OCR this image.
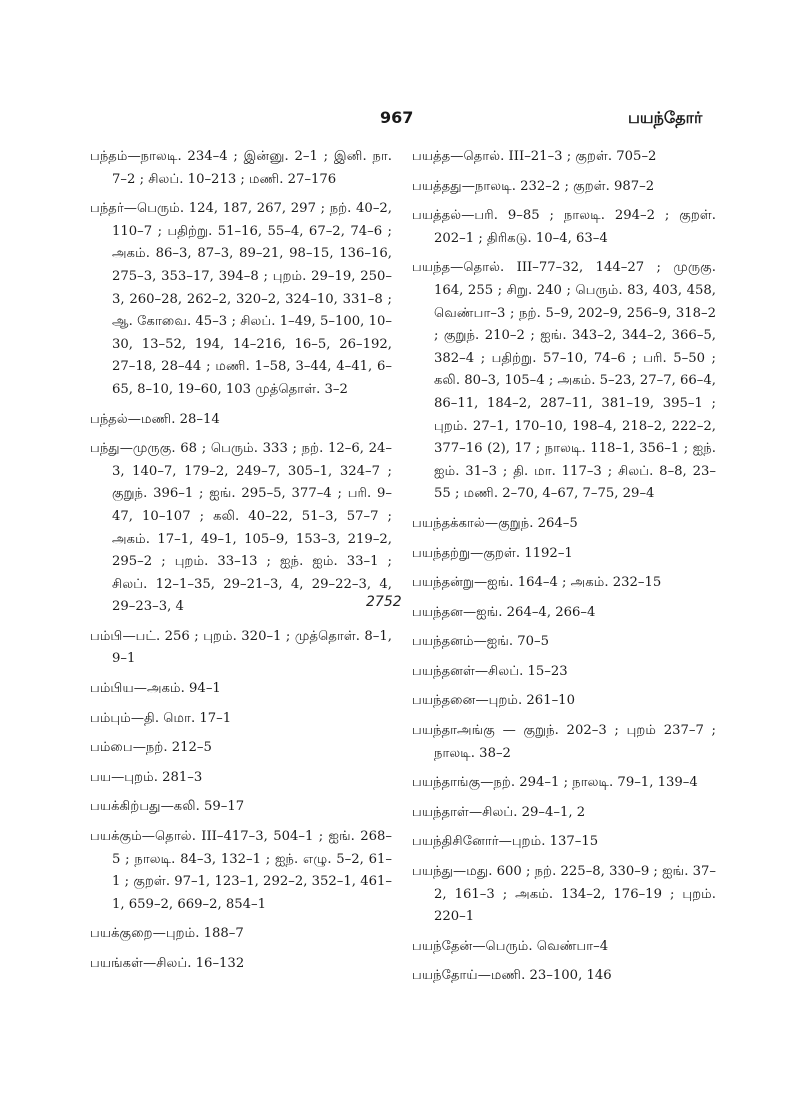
967	பயந்தோர்

பந்தம்—நாலடி. 234–4 ; இன்னு. 2–1 ; இனி. நா. 7–2 ; சிலப். 10–213 ; மணி. 27–176

பந்தர்—பெரும். 124, 187, 267, 297 ; நற். 40–2, 110–7 ; பதிற்று. 51–16, 55–4, 67–2, 74–6 ; அகம். 86–3, 87–3, 89–21, 98–15, 136–16, 275–3, 353–17, 394–8 ; புறம். 29–19, 250–3, 260–28, 262–2, 320–2, 324–10, 331–8 ; ஆ. கோவை. 45–3 ; சிலப். 1–49, 5–100, 10–30, 13–52, 194, 14–216, 16–5, 26–192, 27–18, 28–44 ; மணி. 1–58, 3–44, 4–41, 6–65, 8–10, 19–60, 103 முத்தொள். 3–2

பந்தல்—மணி. 28–14

பந்து—முருகு. 68 ; பெரும். 333 ; நற். 12–6, 24–3, 140–7, 179–2, 249–7, 305–1, 324–7 ; குறுந். 396–1 ; ஐங். 295–5, 377–4 ; பரி. 9–47, 10–107 ; கலி. 40–22, 51–3, 57–7 ; அகம். 17–1, 49–1, 105–9, 153–3, 219–2, 295–2 ; புறம். 33–13 ; ஐந். ஐம். 33–1 ; சிலப். 12–1–35, 29–21–3, 4, 29–22–3, 4, 29–23–3, 4

பம்பி—பட். 256 ; புறம். 320–1 ; முத்தொள். 8–1, 9–1

பம்பிய—அகம். 94–1

பம்பும்—தி. மொ. 17–1

பம்பை—நற். 212–5

பய—புறம். 281–3

பயக்கிற்பது—கலி. 59–17

பயக்கும்—தொல். III–417–3, 504–1 ; ஐங். 268–5 ; நாலடி. 84–3, 132–1 ; ஐந். எழு. 5–2, 61–1 ; குறள். 97–1, 123–1, 292–2, 352–1, 461–1, 659–2, 669–2, 854–1

பயக்குறை—புறம். 188–7

பயங்கள்—சிலப். 16–132

2752

பயத்த—தொல். III–21–3 ; குறள். 705–2

பயத்தது—நாலடி. 232–2 ; குறள். 987–2

பயத்தல்—பரி. 9–85 ; நாலடி. 294–2 ; குறள். 202–1 ; திரிகடு. 10–4, 63–4

பயந்த—தொல். III–77–32, 144–27 ; முருகு. 164, 255 ; சிறு. 240 ; பெரும். 83, 403, 458, வெண்பா–3 ; நற். 5–9, 202–9, 256–9, 318–2 ; குறுந். 210–2 ; ஐங். 343–2, 344–2, 366–5, 382–4 ; பதிற்று. 57–10, 74–6 ; பரி. 5–50 ; கலி. 80–3, 105–4 ; அகம். 5–23, 27–7, 66–4, 86–11, 184–2, 287–11, 381–19, 395–1 ; புறம். 27–1, 170–10, 198–4, 218–2, 222–2, 377–16 (2), 17 ; நாலடி. 118–1, 356–1 ; ஐந். ஐம். 31–3 ; தி. மா. 117–3 ; சிலப். 8–8, 23–55 ; மணி. 2–70, 4–67, 7–75, 29–4

பயந்தக்கால்—குறுந். 264–5

பயந்தற்று—குறள். 1192–1

பயந்தன்று—ஐங். 164–4 ; அகம். 232–15

பயந்தன—ஐங். 264–4, 266–4

பயந்தனம்—ஐங். 70–5

பயந்தனள்—சிலப். 15–23

பயந்தனை—புறம். 261–10

பயந்தாஅங்கு — குறுந். 202–3 ; புறம் 237–7 ; நாலடி. 38–2

பயந்தாங்கு—நற். 294–1 ; நாலடி. 79–1, 139–4

பயந்தாள்—சிலப். 29–4–1, 2

பயந்திசினோர்—புறம். 137–15

பயந்து—மது. 600 ; நற். 225–8, 330–9 ; ஐங். 37–2, 161–3 ; அகம். 134–2, 176–19 ; புறம். 220–1

பயந்தேன்—பெரும். வெண்பா–4

பயந்தோய்—மணி. 23–100, 146
